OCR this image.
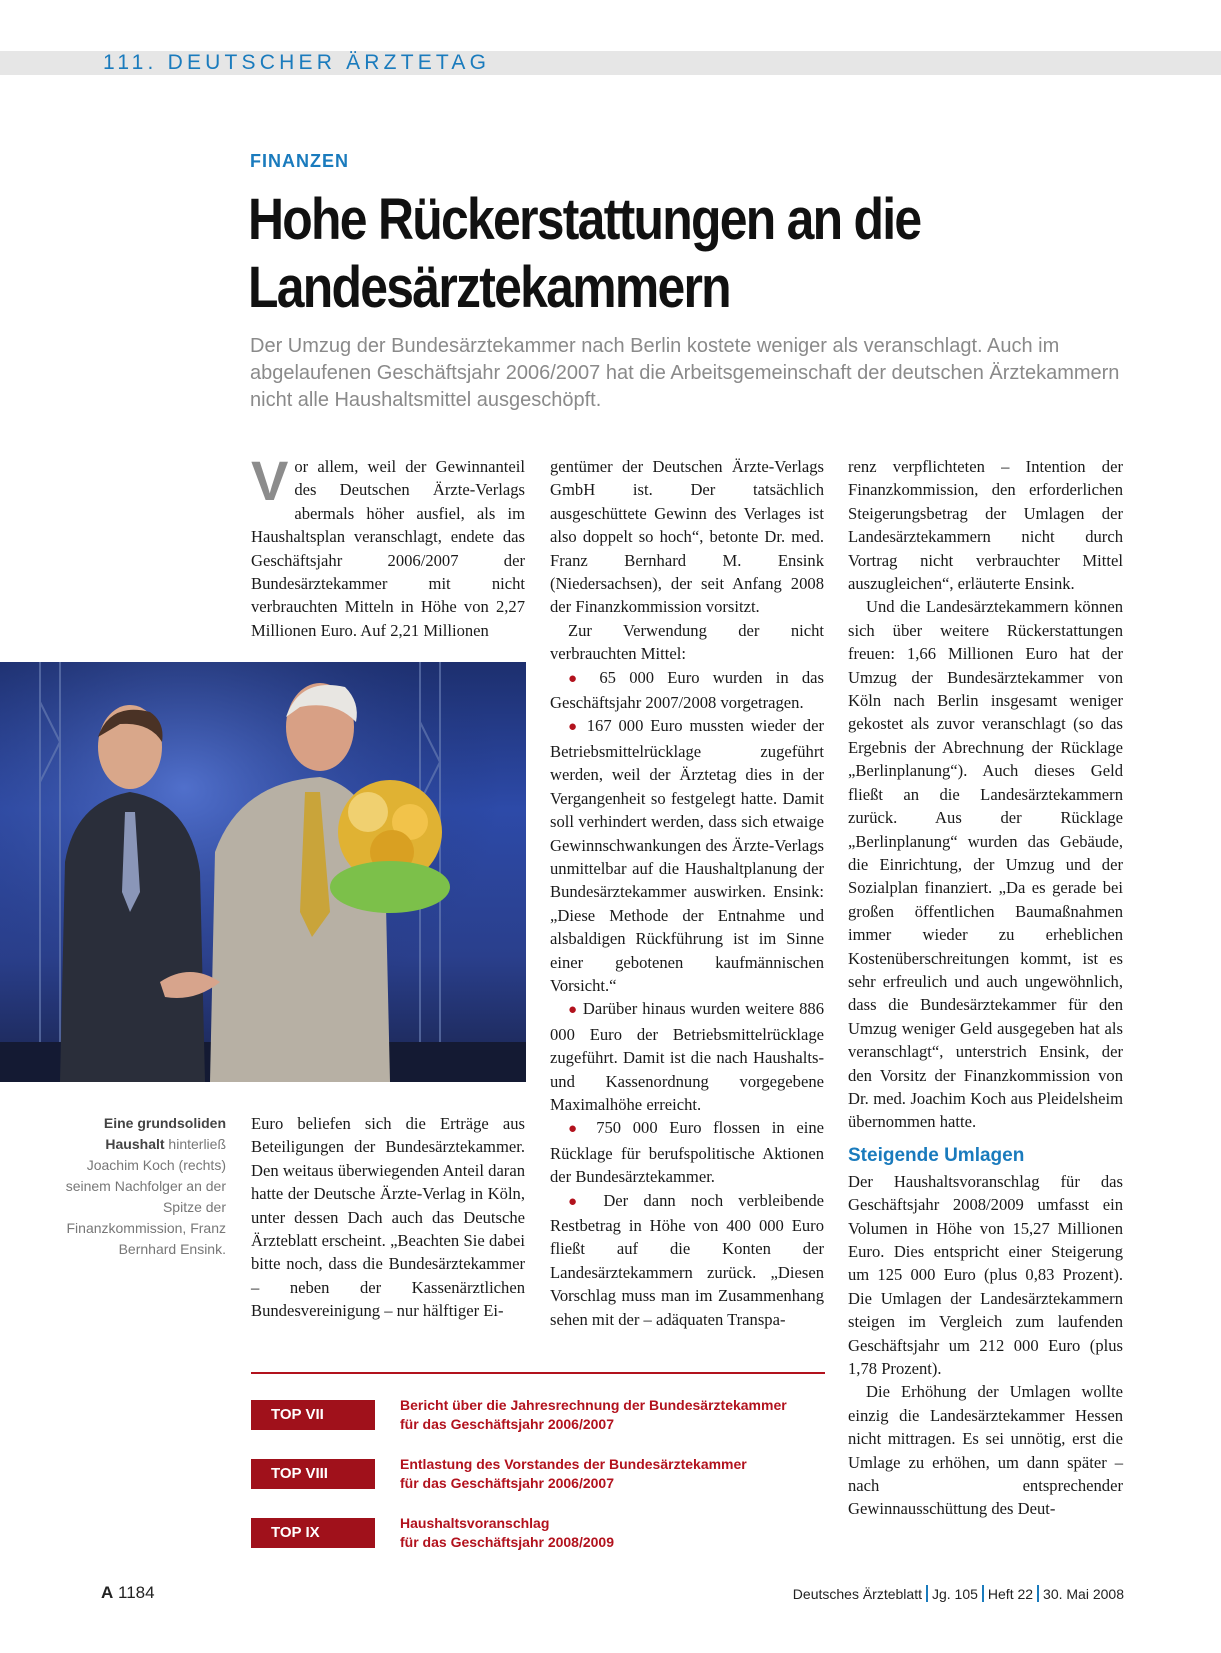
111. DEUTSCHER ÄRZTETAG
FINANZEN
Hohe Rückerstattungen an die Landesärztekammern

Der Umzug der Bundesärztekammer nach Berlin kostete weniger als veranschlagt. Auch im abgelaufenen Geschäftsjahr 2006/2007 hat die Arbeitsgemeinschaft der deutschen Ärztekammern nicht alle Haushaltsmittel ausgeschöpft.

V or allem, weil der Gewinnanteil des Deutschen Ärzte-Verlags abermals höher ausfiel, als im Haushaltsplan veranschlagt, endete das Geschäftsjahr 2006/2007 der Bundesärztekammer mit nicht verbrauchten Mitteln in Höhe von 2,27 Millionen Euro. Auf 2,21 Millionen

Eine grundsoliden Haushalt hinterließ Joachim Koch (rechts) seinem Nachfolger an der Spitze der Finanzkommission, Franz Bernhard Ensink.

Euro beliefen sich die Erträge aus Beteiligungen der Bundesärztekammer. Den weitaus überwiegenden Anteil daran hatte der Deutsche Ärzte-Verlag in Köln, unter dessen Dach auch das Deutsche Ärzteblatt erscheint. „Beachten Sie dabei bitte noch, dass die Bundesärztekammer – neben der Kassenärztlichen Bundesvereinigung – nur hälftiger Ei-

gentümer der Deutschen Ärzte-Verlags GmbH ist. Der tatsächlich ausgeschüttete Gewinn des Verlages ist also doppelt so hoch“, betonte Dr. med. Franz Bernhard M. Ensink (Niedersachsen), der seit Anfang 2008 der Finanzkommission vorsitzt.

Zur Verwendung der nicht verbrauchten Mittel:

● 65 000 Euro wurden in das Geschäftsjahr 2007/2008 vorgetragen.

● 167 000 Euro mussten wieder der Betriebsmittelrücklage zugeführt werden, weil der Ärztetag dies in der Vergangenheit so festgelegt hatte. Damit soll verhindert werden, dass sich etwaige Gewinnschwankungen des Ärzte-Verlags unmittelbar auf die Haushaltplanung der Bundesärztekammer auswirken. Ensink: „Diese Methode der Entnahme und alsbaldigen Rückführung ist im Sinne einer gebotenen kaufmännischen Vorsicht.“

● Darüber hinaus wurden weitere 886 000 Euro der Betriebsmittelrücklage zugeführt. Damit ist die nach Haushalts- und Kassenordnung vorgegebene Maximalhöhe erreicht.

● 750 000 Euro flossen in eine Rücklage für berufspolitische Aktionen der Bundesärztekammer.

● Der dann noch verbleibende Restbetrag in Höhe von 400 000 Euro fließt auf die Konten der Landesärztekammern zurück. „Diesen Vorschlag muss man im Zusammenhang sehen mit der – adäquaten Transpa-

renz verpflichteten – Intention der Finanzkommission, den erforderlichen Steigerungsbetrag der Umlagen der Landesärztekammern nicht durch Vortrag nicht verbrauchter Mittel auszugleichen“, erläuterte Ensink.

Und die Landesärztekammern können sich über weitere Rückerstattungen freuen: 1,66 Millionen Euro hat der Umzug der Bundesärztekammer von Köln nach Berlin insgesamt weniger gekostet als zuvor veranschlagt (so das Ergebnis der Abrechnung der Rücklage „Berlinplanung“). Auch dieses Geld fließt an die Landesärztekammern zurück. Aus der Rücklage „Berlinplanung“ wurden das Gebäude, die Einrichtung, der Umzug und der Sozialplan finanziert. „Da es gerade bei großen öffentlichen Baumaßnahmen immer wieder zu erheblichen Kostenüberschreitungen kommt, ist es sehr erfreulich und auch ungewöhnlich, dass die Bundesärztekammer für den Umzug weniger Geld ausgegeben hat als veranschlagt“, unterstrich Ensink, der den Vorsitz der Finanzkommission von Dr. med. Joachim Koch aus Pleidelsheim übernommen hatte.

Steigende Umlagen

Der Haushaltsvoranschlag für das Geschäftsjahr 2008/2009 umfasst ein Volumen in Höhe von 15,27 Millionen Euro. Dies entspricht einer Steigerung um 125 000 Euro (plus 0,83 Prozent). Die Umlagen der Landesärztekammern steigen im Vergleich zum laufenden Geschäftsjahr um 212 000 Euro (plus 1,78 Prozent).

Die Erhöhung der Umlagen wollte einzig die Landesärztekammer Hessen nicht mittragen. Es sei unnötig, erst die Umlage zu erhöhen, um dann später – nach entsprechender Gewinnausschüttung des Deut-

TOP VII
Bericht über die Jahresrechnung der Bundesärztekammer
für das Geschäftsjahr 2006/2007
TOP VIII
Entlastung des Vorstandes der Bundesärztekammer
für das Geschäftsjahr 2006/2007
TOP IX
Haushaltsvoranschlag
für das Geschäftsjahr 2008/2009
A 1184	Deutsches Ärzteblatt Jg. 105 Heft 22 30. Mai 2008
